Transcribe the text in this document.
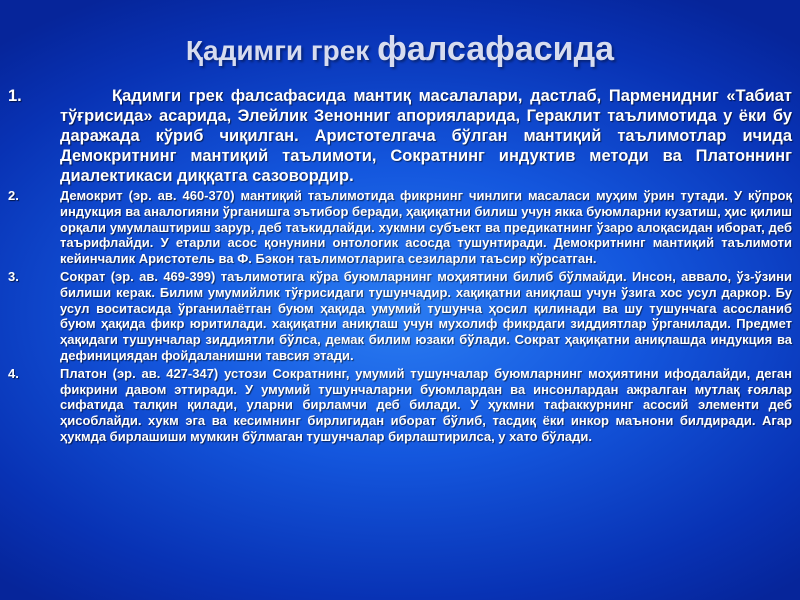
Қадимги грек фалсафасида
1.	Қадимги грек фалсафасида мантиқ масалалари, дастлаб, Парменидниг «Табиат тўғрисида» асарида, Элейлик Зенонниг апорияларида, Гераклит таълимотида у ёки бу даражада кўриб чиқилган. Аристотелгача бўлган мантиқий таълимотлар ичида Демокритнинг мантиқий таълимоти, Сократнинг индуктив методи ва Платоннинг диалектикаси диққатга сазовордир.
2.	Демокрит (эр. ав. 460-370) мантиқий таълимотида фикрнинг чинлиги масаласи муҳим ўрин тутади. У кўпроқ индукция ва аналогияни ўрганишга эътибор беради, ҳақиқатни билиш учун якка буюмларни кузатиш, ҳис қилиш орқали умумлаштириш зарур, деб таъкидлайди. хукмни субъект ва предикатнинг ўзаро алоқасидан иборат, деб таърифлайди. У етарли асос қонунини онтологик асосда тушунтиради. Демокритнинг мантиқий таълимоти кейинчалик Аристотель ва Ф. Бэкон таълимотларига сезиларли таъсир кўрсатган.
3.	Сократ (эр. ав. 469-399) таълимотига кўра буюмларнинг моҳиятини билиб бўлмайди. Инсон, аввало, ўз-ўзини билиши керак. Билим умумийлик тўғрисидаги тушунчадир. хақиқатни аниқлаш учун ўзига хос усул даркор. Бу усул воситасида ўрганилаётган буюм ҳақида умумий тушунча ҳосил қилинади ва шу тушунчага асосланиб буюм ҳақида фикр юритилади. хақиқатни аниқлаш учун мухолиф фикрдаги зиддиятлар ўрганилади. Предмет ҳақидаги тушунчалар зиддиятли бўлса, демак билим юзаки бўлади. Сократ ҳақиқатни аниқлашда индукция ва дефинициядан фойдаланишни тавсия этади.
4.	Платон (эр. ав. 427-347) устози Сократнинг, умумий тушунчалар буюмларнинг моҳиятини ифодалайди, деган фикрини давом эттиради. У умумий тушунчаларни буюмлардан ва инсонлардан ажралган мутлақ ғоялар сифатида талқин қилади, уларни бирламчи деб билади. У ҳукмни тафаккурнинг асосий элементи деб ҳисоблайди. хукм эга ва кесимнинг бирлигидан иборат бўлиб, тасдиқ ёки инкор маънони билдиради. Агар ҳукмда бирлашиши мумкин бўлмаган тушунчалар бирлаштирилса, у хато бўлади.
